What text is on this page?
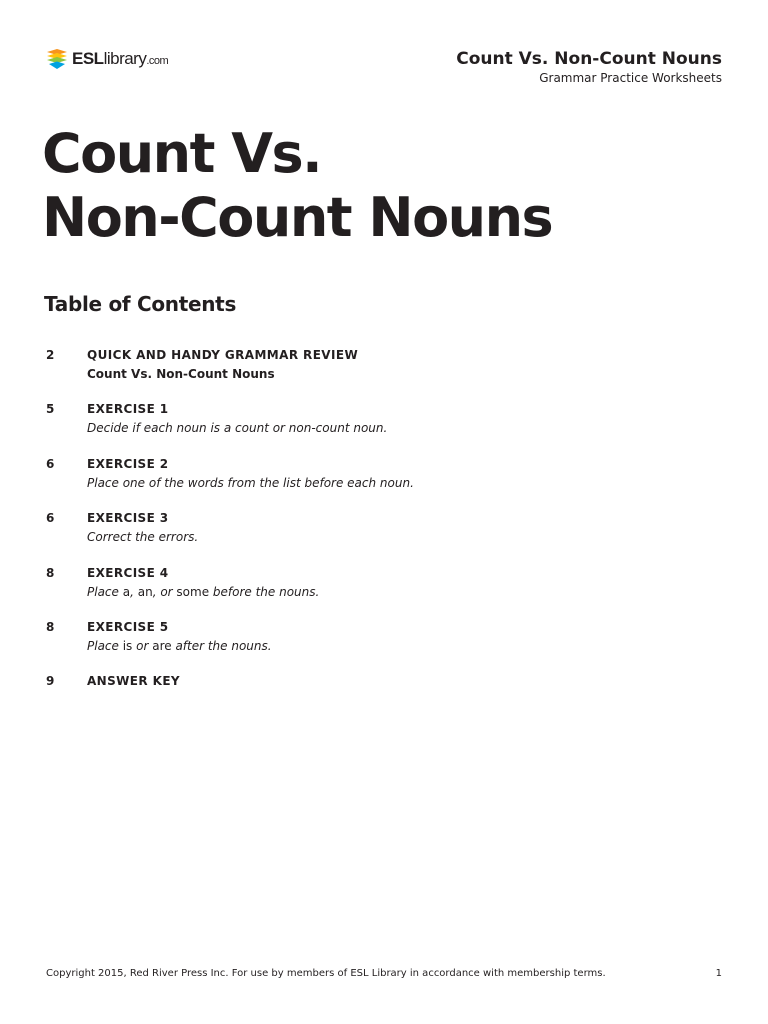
ESLlibrary.com	Count Vs. Non-Count Nouns
Grammar Practice Worksheets
Count Vs.
Non-Count Nouns
Table of Contents
2	QUICK AND HANDY GRAMMAR REVIEW
Count Vs. Non-Count Nouns
5	EXERCISE 1
Decide if each noun is a count or non-count noun.
6	EXERCISE 2
Place one of the words from the list before each noun.
6	EXERCISE 3
Correct the errors.
8	EXERCISE 4
Place a, an, or some before the nouns.
8	EXERCISE 5
Place is or are after the nouns.
9	ANSWER KEY
Copyright 2015, Red River Press Inc. For use by members of ESL Library in accordance with membership terms.	1
